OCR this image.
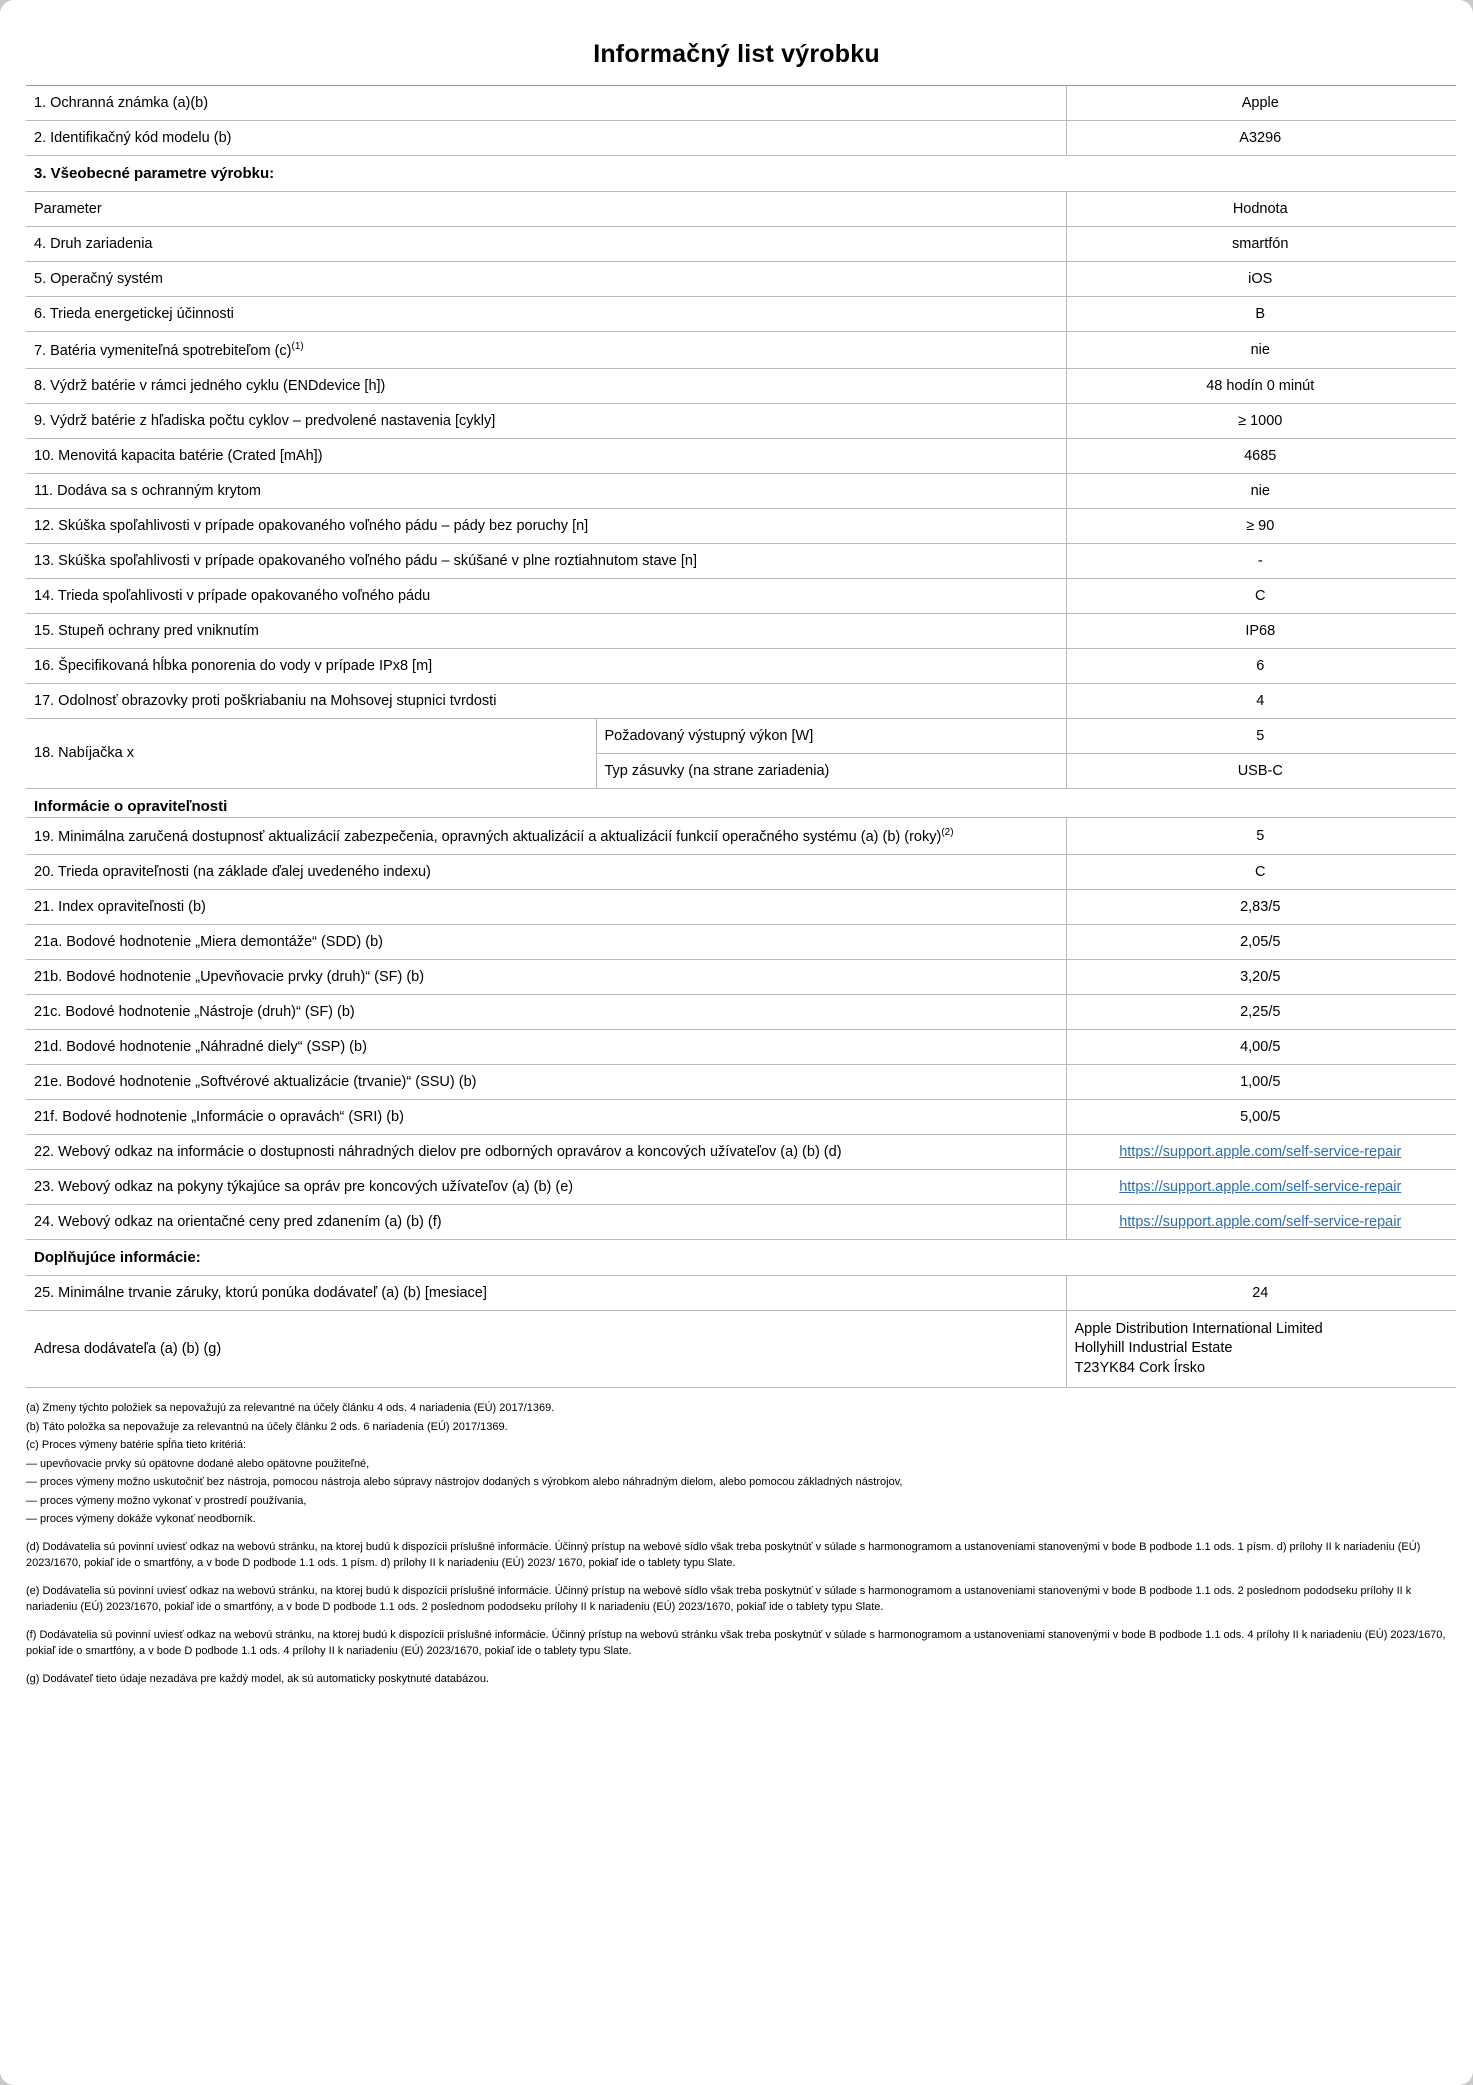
Informačný list výrobku
1. Ochranná známka (a)(b)	Apple
2. Identifikačný kód modelu (b)	A3296
3. Všeobecné parametre výrobku:	
Parameter	Hodnota
4. Druh zariadenia	smartfón
5. Operačný systém	iOS
6. Trieda energetickej účinnosti	B
7. Batéria vymeniteľná spotrebiteľom $(c)^{(1)}$	nie
8. Výdrž batérie v rámci jedného cyklu (ENDdevice [h])	48 hodín 0 minút
9. Výdrž batérie z hľadiska počtu cyklov – predvolené nastavenia [cykly]	≥ 1000
10. Menovitá kapacita batérie (Crated [mAh])	4685
11. Dodáva sa s ochranným krytom	nie
12. Skúška spoľahlivosti v prípade opakovaného voľného pádu – pády bez poruchy [n]	≥ 90
13. Skúška spoľahlivosti v prípade opakovaného voľného pádu – skúšané v plne roztiahnutom stave [n]	-
14. Trieda spoľahlivosti v prípade opakovaného voľného pádu	C
15. Stupeň ochrany pred vniknutím	IP68
16. Špecifikovaná hĺbka ponorenia do vody v prípade IPx8 [m]	6
17. Odolnosť obrazovky proti poškriabaniu na Mohsovej stupnici tvrdosti	4
18. Nabíjačka x	Požadovaný výstupný výkon [W]	5
	Typ zásuvky (na strane zariadenia)	USB-C
Informácie o opraviteľnosti	
19. Minimálna zaručená dostupnosť aktualizácií zabezpečenia, opravných aktualizácií a aktualizácií funkcií operačného systému (a) (b) (roky)$^{(2)}$	5
20. Trieda opraviteľnosti (na základe ďalej uvedeného indexu)	C
21. Index opraviteľnosti (b)	2,83/5
21a. Bodové hodnotenie „Miera demontáže“ (SDD) (b)	2,05/5
21b. Bodové hodnotenie „Upevňovacie prvky (druh)“ (SF) (b)	3,20/5
21c. Bodové hodnotenie „Nástroje (druh)“ (SF) (b)	2,25/5
21d. Bodové hodnotenie „Náhradné diely“ (SSP) (b)	4,00/5
21e. Bodové hodnotenie „Softvérové aktualizácie (trvanie)“ (SSU) (b)	1,00/5
21f. Bodové hodnotenie „Informácie o opravách“ (SRI) (b)	5,00/5
22. Webový odkaz na informácie o dostupnosti náhradných dielov pre odborných opravárov a koncových užívateľov (a) (b) (d)	https://support.apple.com/self-service-repair
23. Webový odkaz na pokyny týkajúce sa opráv pre koncových užívateľov (a) (b) (e)	https://support.apple.com/self-service-repair
24. Webový odkaz na orientačné ceny pred zdanením (a) (b) (f)	https://support.apple.com/self-service-repair
Doplňujúce informácie:	
25. Minimálne trvanie záruky, ktorú ponúka dodávateľ (a) (b) [mesiace]	24
Adresa dodávateľa (a) (b) (g)	Apple Distribution International Limited
Hollyhill Industrial Estate
T23YK84 Cork Írsko

(a) Zmeny týchto položiek sa nepovažujú za relevantné na účely článku 4 ods. 4 nariadenia (EÚ) 2017/1369.

(b) Táto položka sa nepovažuje za relevantnú na účely článku 2 ods. 6 nariadenia (EÚ) 2017/1369.

(c) Proces výmeny batérie spĺňa tieto kritériá:

— upevňovacie prvky sú opätovne dodané alebo opätovne použiteľné,

— proces výmeny možno uskutočniť bez nástroja, pomocou nástroja alebo súpravy nástrojov dodaných s výrobkom alebo náhradným dielom, alebo pomocou základných nástrojov,

— proces výmeny možno vykonať v prostredí používania,

— proces výmeny dokáže vykonať neodborník.

(d) Dodávatelia sú povinní uviesť odkaz na webovú stránku, na ktorej budú k dispozícii príslušné informácie. Účinný prístup na webové sídlo však treba poskytnúť v súlade s harmonogramom a ustanoveniami stanovenými v bode B podbode 1.1 ods. 1 písm. d) prílohy II k nariadeniu (EÚ) 2023/1670, pokiaľ ide o smartfóny, a v bode D podbode 1.1 ods. 1 písm. d) prílohy II k nariadeniu (EÚ) 2023/ 1670, pokiaľ ide o tablety typu Slate.

(e) Dodávatelia sú povinní uviesť odkaz na webovú stránku, na ktorej budú k dispozícii príslušné informácie. Účinný prístup na webové sídlo však treba poskytnúť v súlade s harmonogramom a ustanoveniami stanovenými v bode B podbode 1.1 ods. 2 poslednom pododseku prílohy II k nariadeniu (EÚ) 2023/1670, pokiaľ ide o smartfóny, a v bode D podbode 1.1 ods. 2 poslednom pododseku prílohy II k nariadeniu (EÚ) 2023/1670, pokiaľ ide o tablety typu Slate.

(f) Dodávatelia sú povinní uviesť odkaz na webovú stránku, na ktorej budú k dispozícii príslušné informácie. Účinný prístup na webovú stránku však treba poskytnúť v súlade s harmonogramom a ustanoveniami stanovenými v bode B podbode 1.1 ods. 4 prílohy II k nariadeniu (EÚ) 2023/1670, pokiaľ ide o smartfóny, a v bode D podbode 1.1 ods. 4 prílohy II k nariadeniu (EÚ) 2023/1670, pokiaľ ide o tablety typu Slate.

(g) Dodávateľ tieto údaje nezadáva pre každý model, ak sú automaticky poskytnuté databázou.
